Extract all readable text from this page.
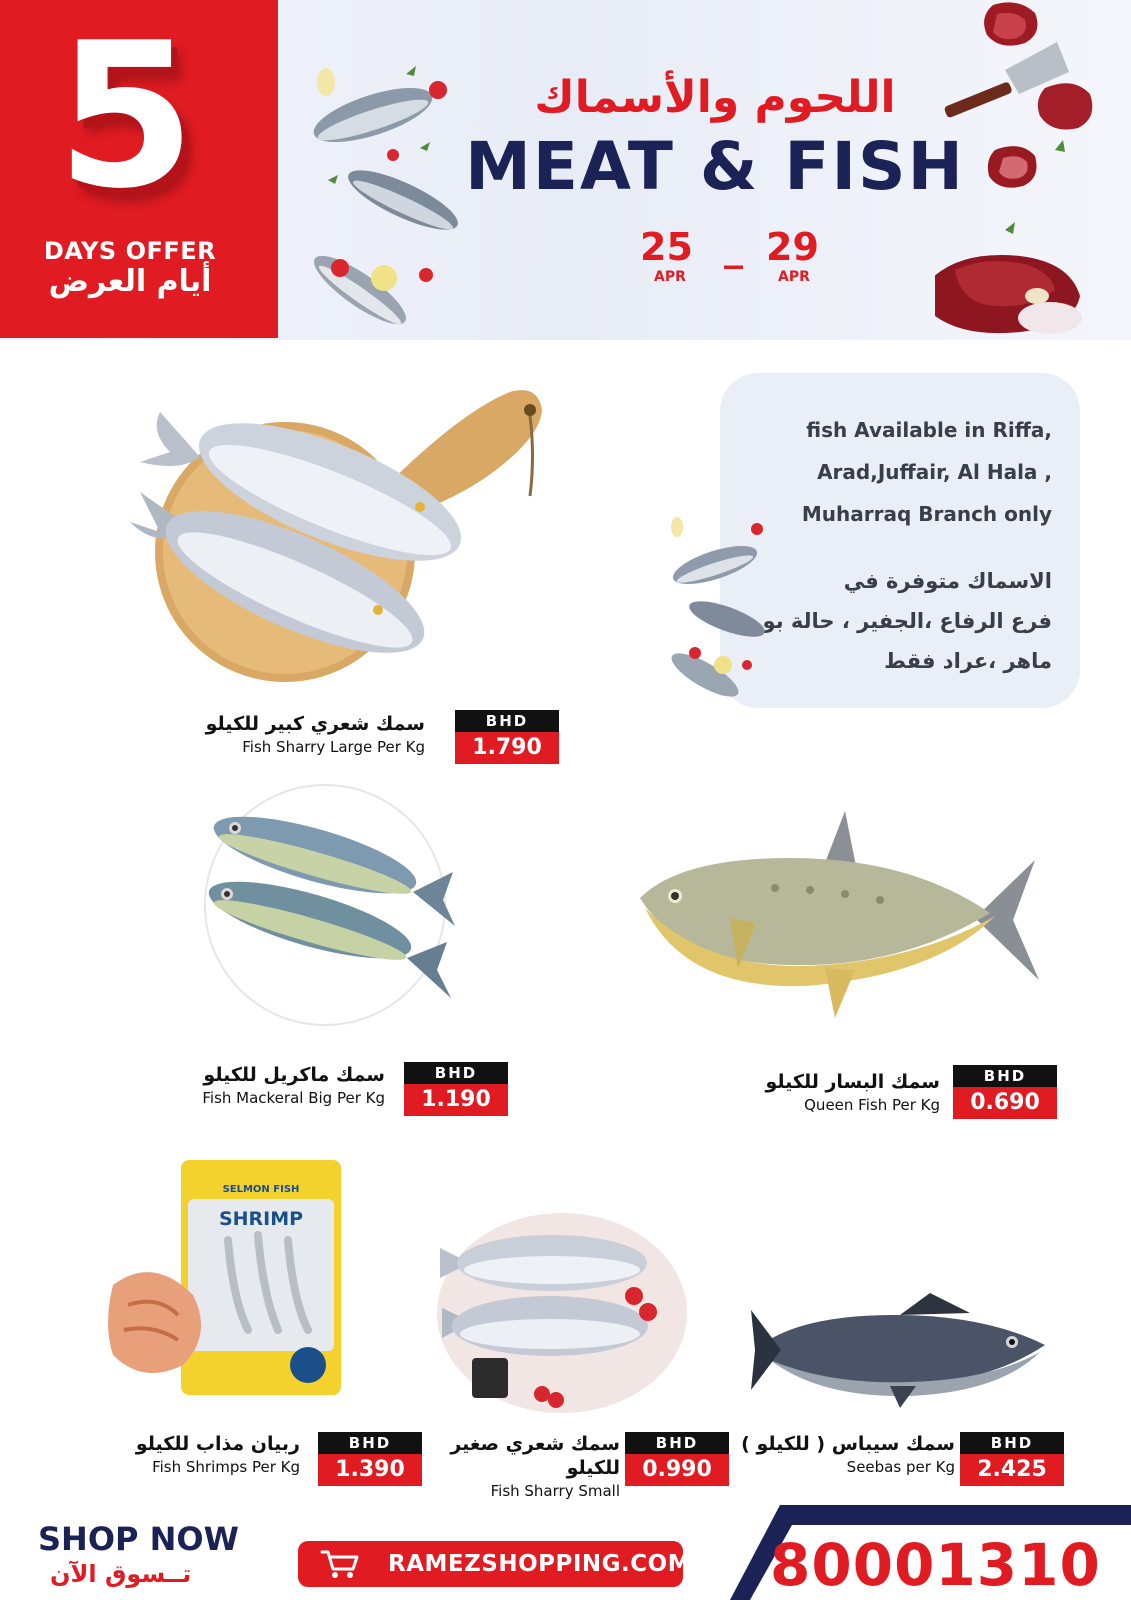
5
DAYS OFFER
أيام العرض
اللحوم والأسماك
MEAT & FISH
25
APR
_ 29
APR
سمك شعري كبير للكيلو
Fish Sharry Large Per Kg
BHD
1.790
fish Available in Riffa,
Arad,Juffair, Al Hala ,
Muharraq Branch only
الاسماك متوفرة في
فرع الرفاع ،الجفير ، حالة بو
ماهر ،عراد فقط
سمك ماكريل للكيلو
Fish Mackeral Big Per Kg
BHD
1.190
سمك البسار للكيلو
Queen Fish Per Kg
BHD
0.690
SELMON FISH
SHRIMP
ربيان مذاب للكيلو
Fish Shrimps Per Kg
BHD
1.390
سمك شعري صغير للكيلو
Fish Sharry Small
BHD
0.990
سمك سيباس ( للكيلو )
Seebas per Kg
BHD
2.425
SHOP NOW
تــسوق الآن	RAMEZSHOPPING.COM 80001310
